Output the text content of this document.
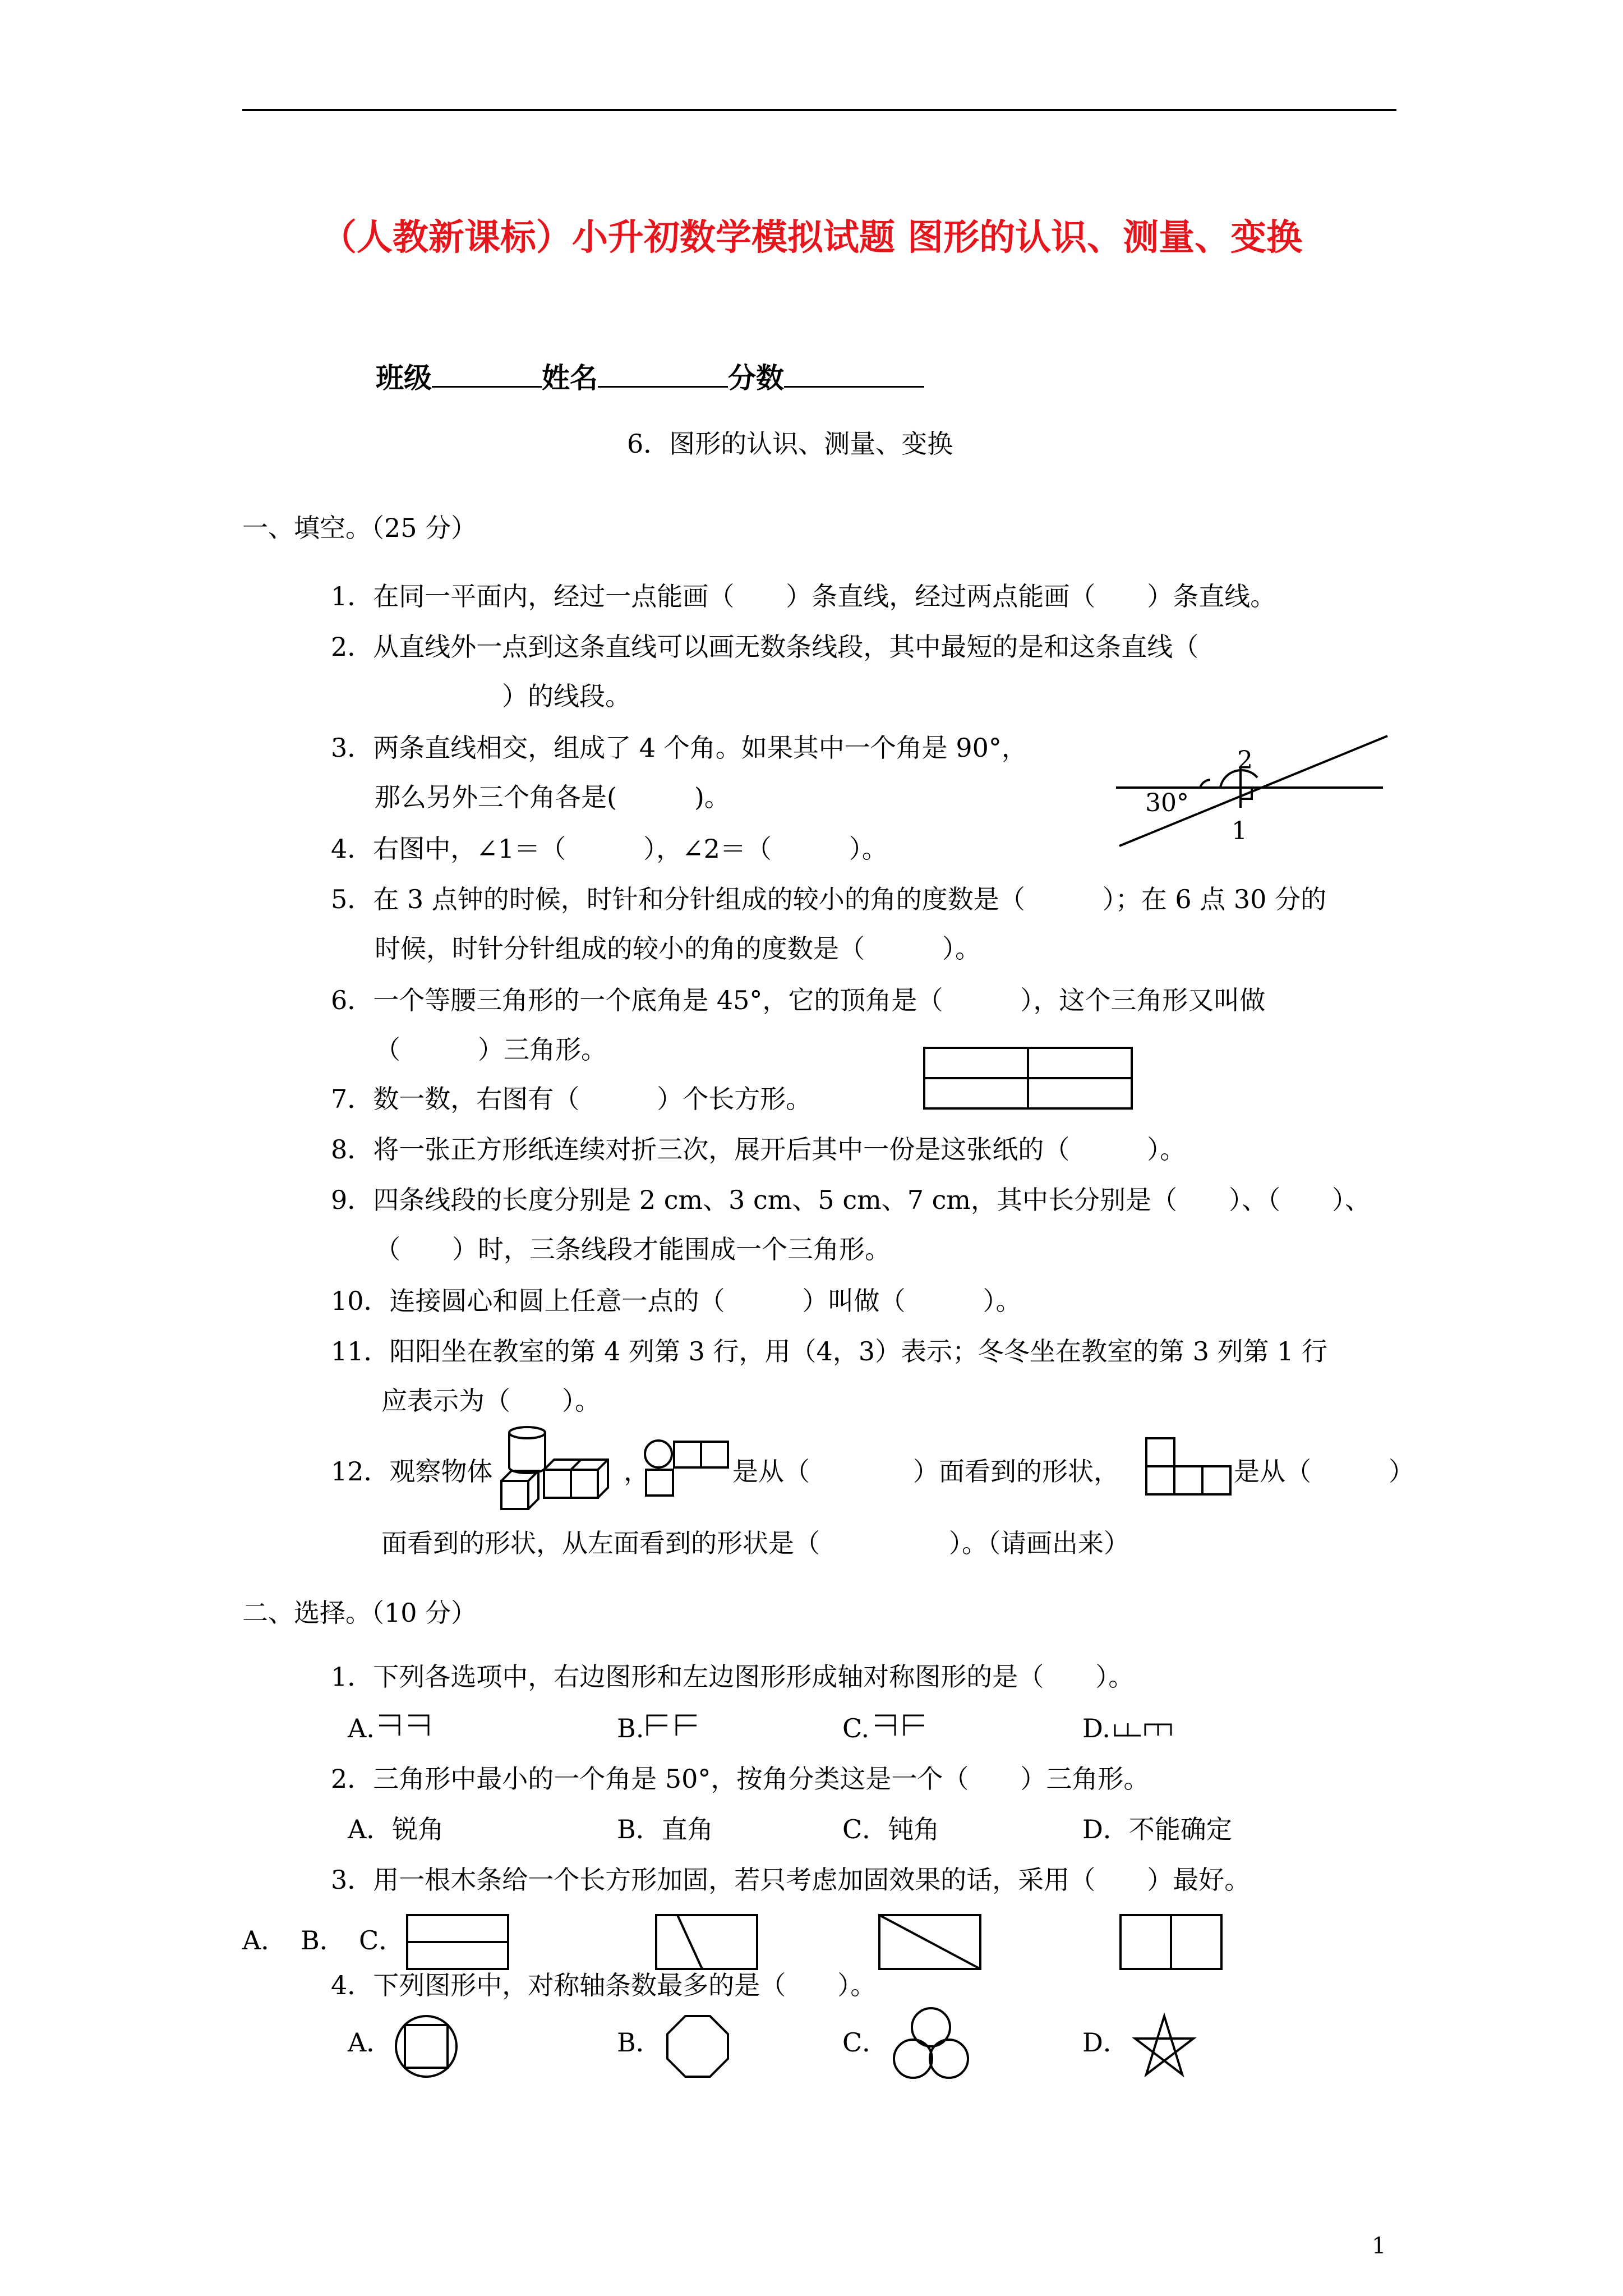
（人教新课标）小升初数学模拟试题 图形的认识、测量、变换
班级	姓名	分数
6．图形的认识、测量、变换
一、填空。（25 分）
1．在同一平面内，经过一点能画（　　）条直线，经过两点能画（　　）条直线。
2．从直线外一点到这条直线可以画无数条线段，其中最短的是和这条直线（
）的线段。
3．两条直线相交，组成了 4 个角。如果其中一个角是 90°，
那么另外三个角各是(　　　)。
4．右图中，∠1＝（　　　），∠2＝（　　　）。
2
30°
1
5．在 3 点钟的时候，时针和分针组成的较小的角的度数是（　　　）；在 6 点 30 分的
时候，时针分针组成的较小的角的度数是（　　　）。
6．一个等腰三角形的一个底角是 45°，它的顶角是（　　　），这个三角形又叫做
（　　　）三角形。
7．数一数，右图有（　　　）个长方形。
8．将一张正方形纸连续对折三次，展开后其中一份是这张纸的（　　　）。
9．四条线段的长度分别是 2 cm、3 cm、5 cm、7 cm，其中长分别是（　　）、（　　）、
（　　）时，三条线段才能围成一个三角形。
10．连接圆心和圆上任意一点的（　　　）叫做（　　　）。
11．阳阳坐在教室的第 4 列第 3 行，用（4，3）表示；冬冬坐在教室的第 3 列第 1 行
应表示为（　　）。
12．观察物体	，	是从（　　　　）面看到的形状，	是从（　　　）
面看到的形状，从左面看到的形状是（　　　　　）。（请画出来）
二、选择。（10 分）
1．下列各选项中，右边图形和左边图形形成轴对称图形的是（　　）。
A.	B.	C.	D.
2．三角形中最小的一个角是 50°，按角分类这是一个（　　）三角形。
A．锐角	B．直角	C．钝角	D．不能确定
3．用一根木条给一个长方形加固，若只考虑加固效果的话，采用（　　）最好。
A． B． C．
4．下列图形中，对称轴条数最多的是（　　）。
A．	B．	C．	D．
1
